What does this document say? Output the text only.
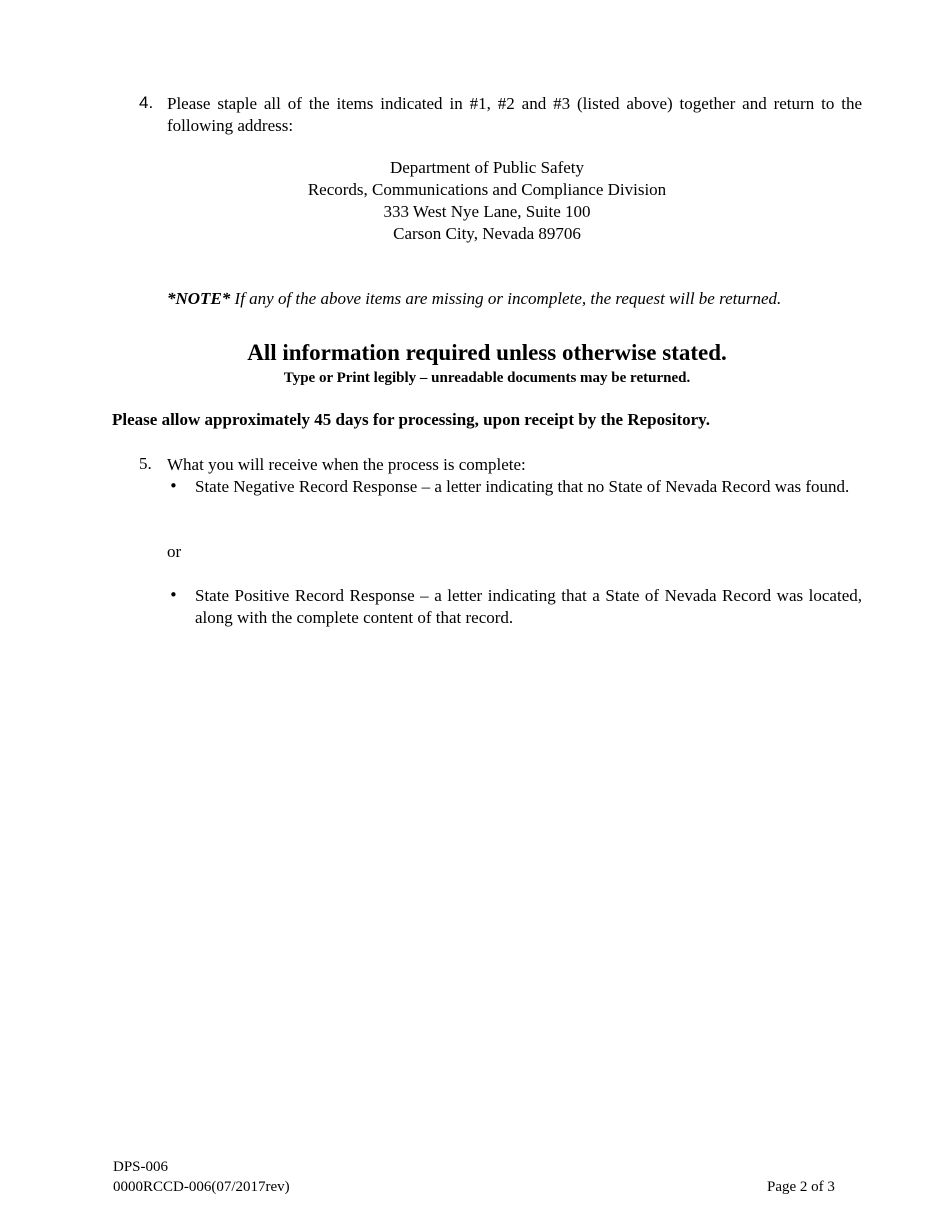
4. Please staple all of the items indicated in #1, #2 and #3 (listed above) together and return to the following address:
Department of Public Safety
Records, Communications and Compliance Division
333 West Nye Lane, Suite 100
Carson City, Nevada 89706
*NOTE* If any of the above items are missing or incomplete, the request will be returned.
All information required unless otherwise stated.
Type or Print legibly – unreadable documents may be returned.
Please allow approximately 45 days for processing, upon receipt by the Repository.
5. What you will receive when the process is complete:
• State Negative Record Response – a letter indicating that no State of Nevada Record was found.
or
• State Positive Record Response – a letter indicating that a State of Nevada Record was located, along with the complete content of that record.
DPS-006
0000RCCD-006(07/2017rev)	Page 2 of 3
